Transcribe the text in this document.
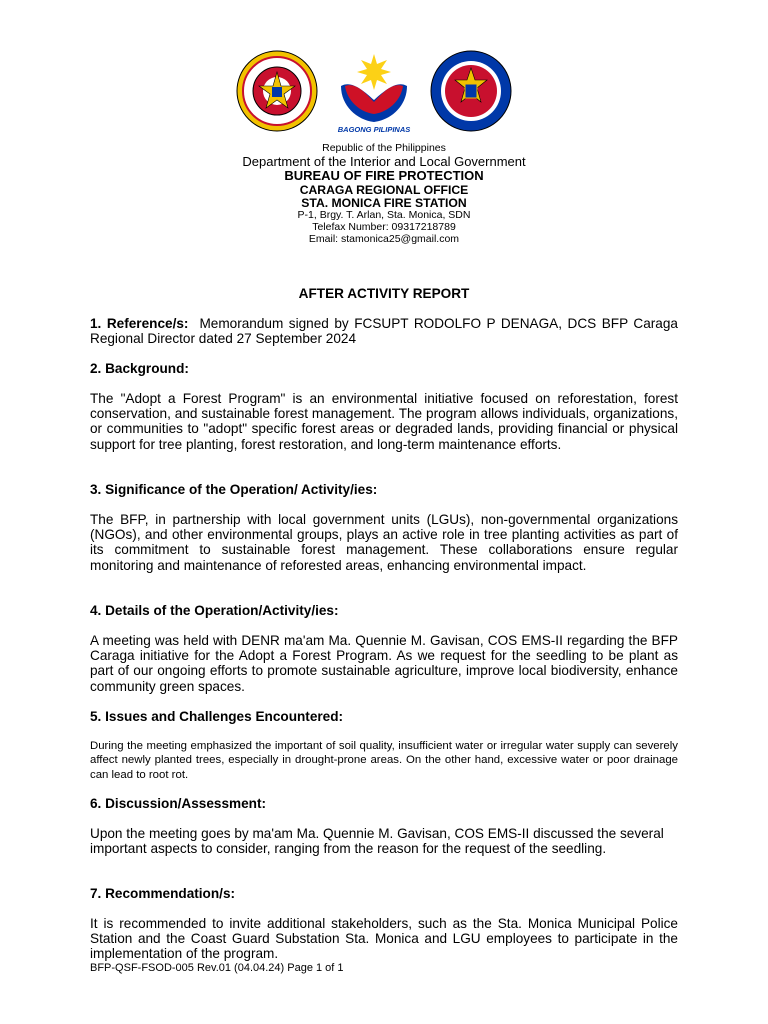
BAGONG PILIPINAS
Republic of the Philippines
Department of the Interior and Local Government
BUREAU OF FIRE PROTECTION
CARAGA REGIONAL OFFICE
STA. MONICA FIRE STATION
P-1, Brgy. T. Arlan, Sta. Monica, SDN
Telefax Number: 09317218789
Email: stamonica25@gmail.com
AFTER ACTIVITY REPORT
1. Reference/s: Memorandum signed by FCSUPT RODOLFO P DENAGA, DCS BFP Caraga Regional Director dated 27 September 2024
2. Background:
The "Adopt a Forest Program" is an environmental initiative focused on reforestation, forest conservation, and sustainable forest management. The program allows individuals, organizations, or communities to "adopt" specific forest areas or degraded lands, providing financial or physical support for tree planting, forest restoration, and long-term maintenance efforts.
3. Significance of the Operation/ Activity/ies:
The BFP, in partnership with local government units (LGUs), non-governmental organizations (NGOs), and other environmental groups, plays an active role in tree planting activities as part of its commitment to sustainable forest management. These collaborations ensure regular monitoring and maintenance of reforested areas, enhancing environmental impact.
4. Details of the Operation/Activity/ies:
A meeting was held with DENR ma'am Ma. Quennie M. Gavisan, COS EMS-II regarding the BFP Caraga initiative for the Adopt a Forest Program. As we request for the seedling to be plant as part of our ongoing efforts to promote sustainable agriculture, improve local biodiversity, enhance community green spaces.
5. Issues and Challenges Encountered:
During the meeting emphasized the important of soil quality, insufficient water or irregular water supply can severely affect newly planted trees, especially in drought-prone areas. On the other hand, excessive water or poor drainage can lead to root rot.
6. Discussion/Assessment:
Upon the meeting goes by ma'am Ma. Quennie M. Gavisan, COS EMS-II discussed the several important aspects to consider, ranging from the reason for the request of the seedling.
7. Recommendation/s:
It is recommended to invite additional stakeholders, such as the Sta. Monica Municipal Police Station and the Coast Guard Substation Sta. Monica and LGU employees to participate in the implementation of the program.
BFP-QSF-FSOD-005 Rev.01 (04.04.24) Page 1 of 1
